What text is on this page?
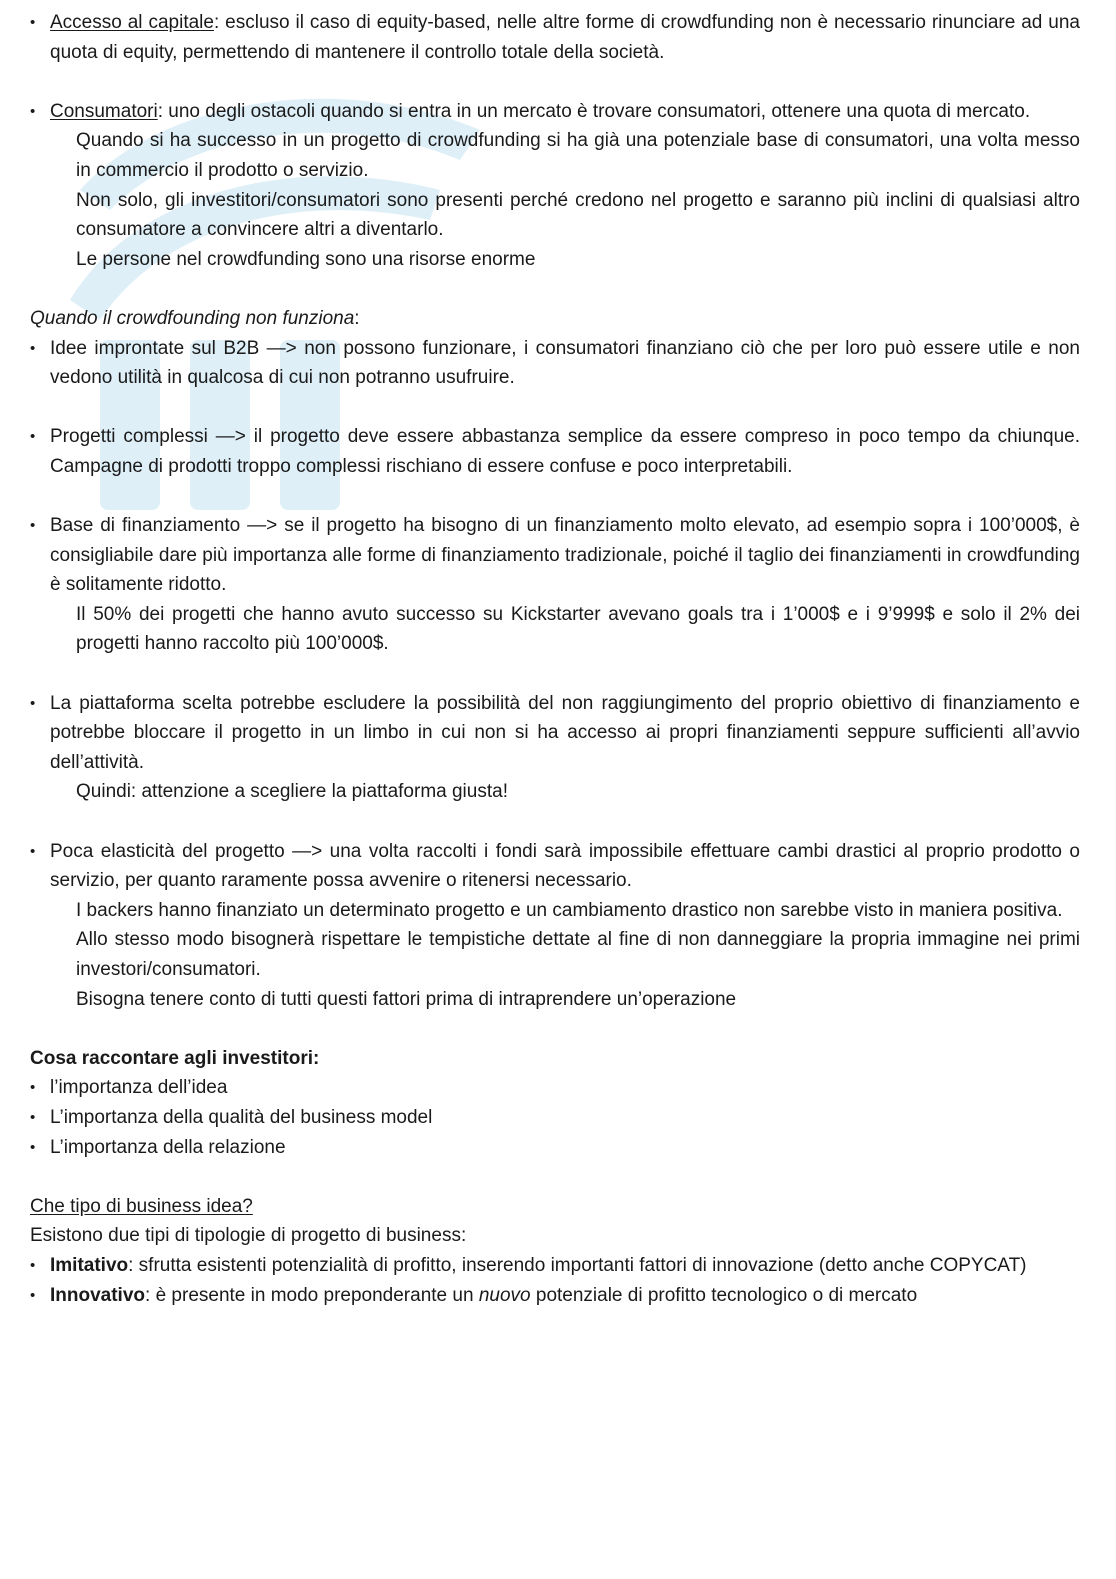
• Accesso al capitale: escluso il caso di equity-based, nelle altre forme di crowdfunding non è necessario rinunciare ad una quota di equity, permettendo di mantenere il controllo totale della società.
• Consumatori: uno degli ostacoli quando si entra in un mercato è trovare consumatori, ottenere una quota di mercato.
Quando si ha successo in un progetto di crowdfunding si ha già una potenziale base di consumatori, una volta messo in commercio il prodotto o servizio.
Non solo, gli investitori/consumatori sono presenti perché credono nel progetto e saranno più inclini di qualsiasi altro consumatore a convincere altri a diventarlo.
Le persone nel crowdfunding sono una risorse enorme
Quando il crowdfounding non funziona:
• Idee improntate sul B2B —> non possono funzionare, i consumatori finanziano ciò che per loro può essere utile e non vedono utilità in qualcosa di cui non potranno usufruire.
• Progetti complessi —> il progetto deve essere abbastanza semplice da essere compreso in poco tempo da chiunque. Campagne di prodotti troppo complessi rischiano di essere confuse e poco interpretabili.
• Base di finanziamento —> se il progetto ha bisogno di un finanziamento molto elevato, ad esempio sopra i 100’000$, è consigliabile dare più importanza alle forme di finanziamento tradizionale, poiché il taglio dei finanziamenti in crowdfunding è solitamente ridotto.
Il 50% dei progetti che hanno avuto successo su Kickstarter avevano goals tra i 1’000$ e i 9’999$ e solo il 2% dei progetti hanno raccolto più 100’000$.
• La piattaforma scelta potrebbe escludere la possibilità del non raggiungimento del proprio obiettivo di finanziamento e potrebbe bloccare il progetto in un limbo in cui non si ha accesso ai propri finanziamenti seppure sufficienti all’avvio dell’attività.
Quindi: attenzione a scegliere la piattaforma giusta!
• Poca elasticità del progetto —> una volta raccolti i fondi sarà impossibile effettuare cambi drastici al proprio prodotto o servizio, per quanto raramente possa avvenire o ritenersi necessario.
I backers hanno finanziato un determinato progetto e un cambiamento drastico non sarebbe visto in maniera positiva.
Allo stesso modo bisognerà rispettare le tempistiche dettate al fine di non danneggiare la propria immagine nei primi investori/consumatori.
Bisogna tenere conto di tutti questi fattori prima di intraprendere un’operazione
Cosa raccontare agli investitori:
• l’importanza dell’idea
• L’importanza della qualità del business model
• L’importanza della relazione
Che tipo di business idea?
Esistono due tipi di tipologie di progetto di business:
• Imitativo: sfrutta esistenti potenzialità di profitto, inserendo importanti fattori di innovazione (detto anche COPYCAT)
• Innovativo: è presente in modo preponderante un nuovo potenziale di profitto tecnologico o di mercato
